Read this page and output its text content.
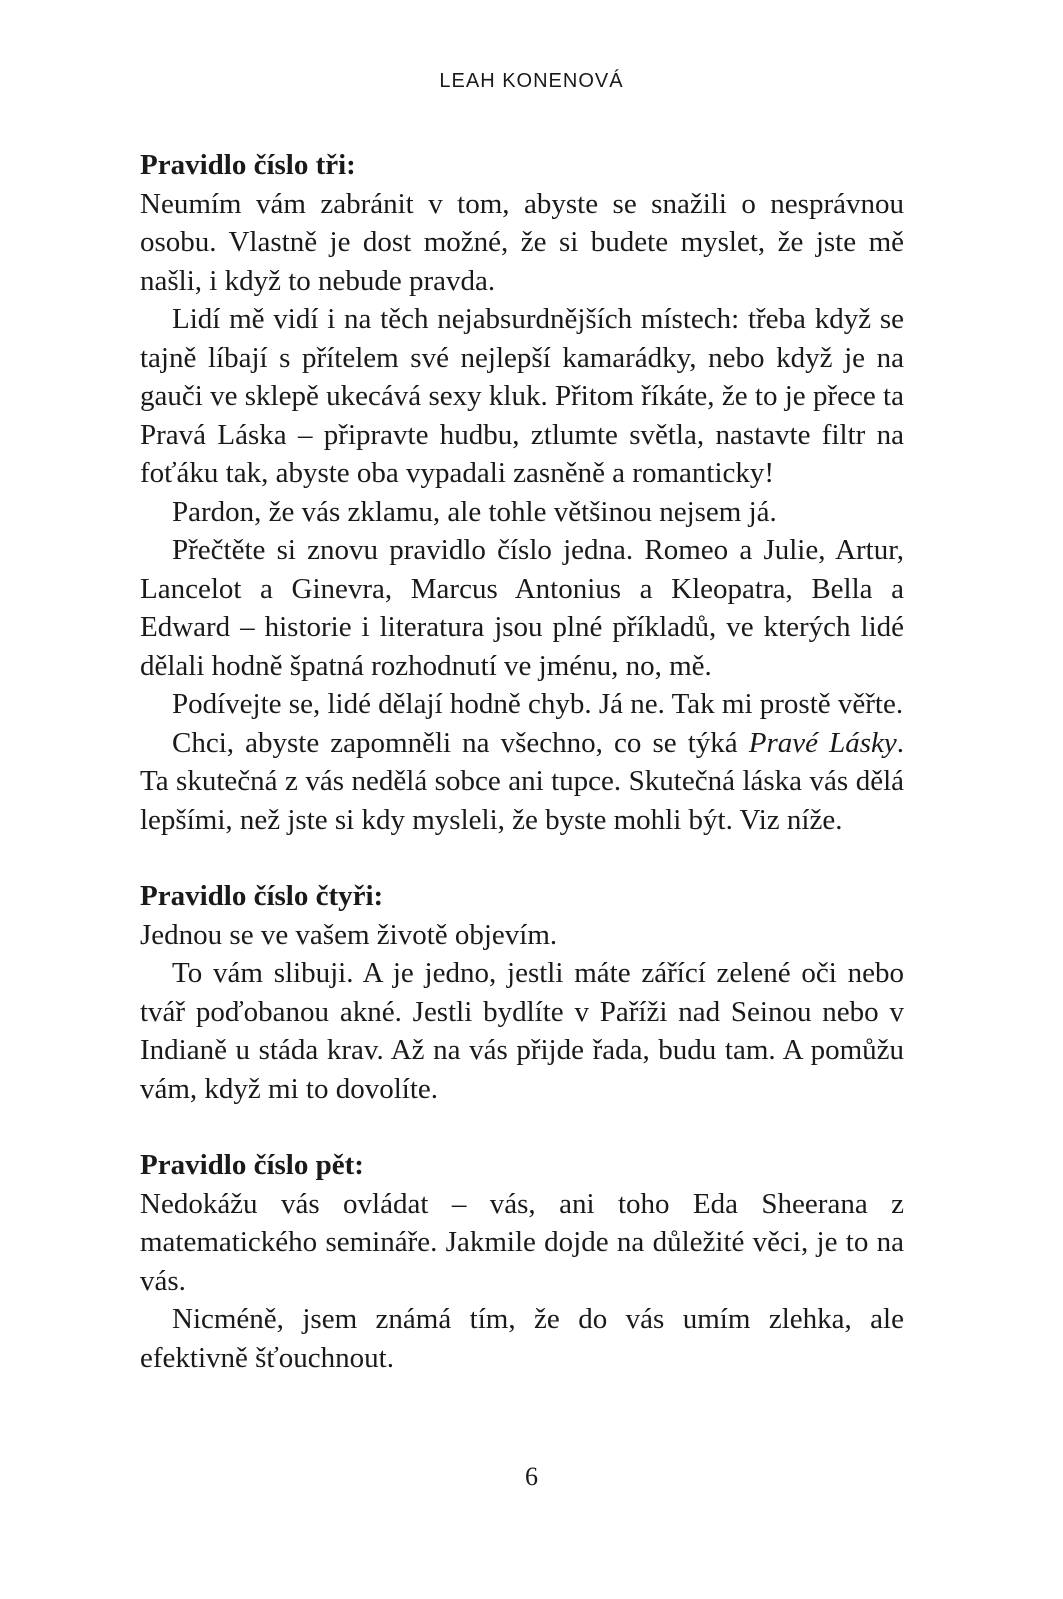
LEAH KONENOVÁ
Pravidlo číslo tři:

Neumím vám zabránit v tom, abyste se snažili o nesprávnou osobu. Vlastně je dost možné, že si budete myslet, že jste mě našli, i když to nebude pravda.

Lidí mě vidí i na těch nejabsurdnějších místech: třeba když se tajně líbají s přítelem své nejlepší kamarádky, nebo když je na gauči ve sklepě ukecává sexy kluk. Přitom říkáte, že to je přece ta Pravá Láska – připravte hudbu, ztlumte světla, nastavte filtr na foťáku tak, abyste oba vypadali zasněně a romanticky!

Pardon, že vás zklamu, ale tohle většinou nejsem já.

Přečtěte si znovu pravidlo číslo jedna. Romeo a Julie, Artur, Lancelot a Ginevra, Marcus Antonius a Kleopatra, Bella a Edward – historie i literatura jsou plné příkladů, ve kterých lidé dělali hodně špatná rozhodnutí ve jménu, no, mě.

Podívejte se, lidé dělají hodně chyb. Já ne. Tak mi prostě věřte.

Chci, abyste zapomněli na všechno, co se týká Pravé Lásky. Ta skutečná z vás nedělá sobce ani tupce. Skutečná láska vás dělá lepšími, než jste si kdy mysleli, že byste mohli být. Viz níže.

Pravidlo číslo čtyři:

Jednou se ve vašem životě objevím.

To vám slibuji. A je jedno, jestli máte zářící zelené oči nebo tvář poďobanou akné. Jestli bydlíte v Paříži nad Seinou nebo v Indianě u stáda krav. Až na vás přijde řada, budu tam. A pomůžu vám, když mi to dovolíte.

Pravidlo číslo pět:

Nedokážu vás ovládat – vás, ani toho Eda Sheerana z matematického semináře. Jakmile dojde na důležité věci, je to na vás.

Nicméně, jsem známá tím, že do vás umím zlehka, ale efektivně šťouchnout.

6
